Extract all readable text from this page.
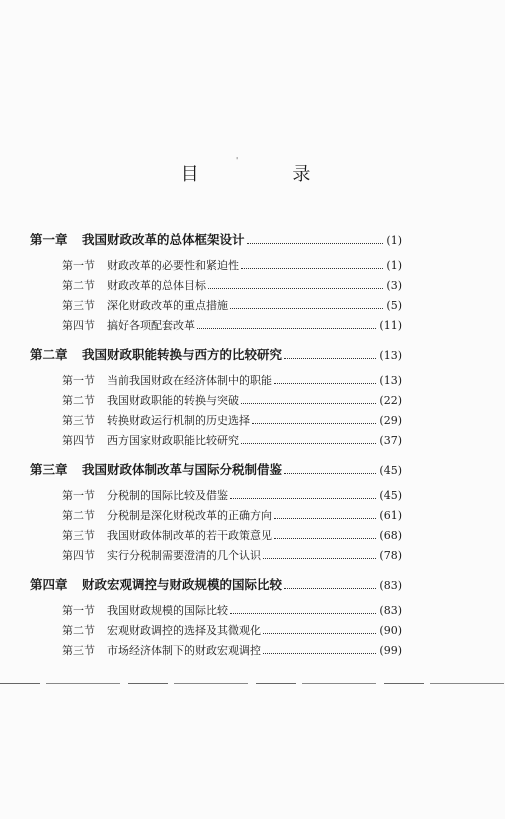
目 录
'
第一章	我国财政改革的总体框架设计	(1)
第一节	财政改革的必要性和紧迫性	(1)
第二节	财政改革的总体目标	(3)
第三节	深化财政改革的重点措施	(5)
第四节	搞好各项配套改革	(11)
第二章	我国财政职能转换与西方的比较研究	(13)
第一节	当前我国财政在经济体制中的职能	(13)
第二节	我国财政职能的转换与突破	(22)
第三节	转换财政运行机制的历史选择	(29)
第四节	西方国家财政职能比较研究	(37)
第三章	我国财政体制改革与国际分税制借鉴	(45)
第一节	分税制的国际比较及借鉴	(45)
第二节	分税制是深化财税改革的正确方向	(61)
第三节	我国财政体制改革的若干政策意见	(68)
第四节	实行分税制需要澄清的几个认识	(78)
第四章	财政宏观调控与财政规模的国际比较	(83)
第一节	我国财政规模的国际比较	(83)
第二节	宏观财政调控的选择及其微观化	(90)
第三节	市场经济体制下的财政宏观调控	(99)
